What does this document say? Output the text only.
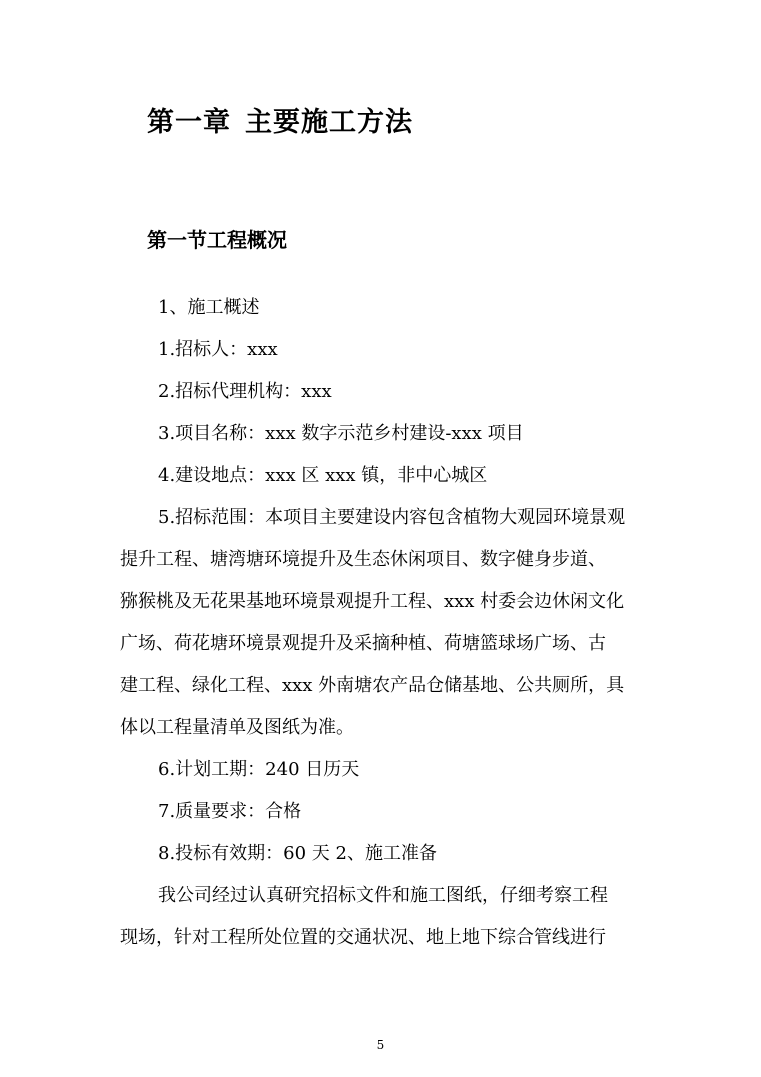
第一章 主要施工方法
第一节工程概况

1、施工概述

1.招标人：xxx

2.招标代理机构：xxx

3.项目名称：xxx 数字示范乡村建设-xxx 项目

4.建设地点：xxx 区 xxx 镇，非中心城区

5.招标范围：本项目主要建设内容包含植物大观园环境景观

提升工程、塘湾塘环境提升及生态休闲项目、数字健身步道、

猕猴桃及无花果基地环境景观提升工程、xxx 村委会边休闲文化

广场、荷花塘环境景观提升及采摘种植、荷塘篮球场广场、古

建工程、绿化工程、xxx 外南塘农产品仓储基地、公共厕所，具

体以工程量清单及图纸为准。

6.计划工期：240 日历天

7.质量要求：合格

8.投标有效期：60 天 2、施工准备

我公司经过认真研究招标文件和施工图纸，仔细考察工程

现场，针对工程所处位置的交通状况、地上地下综合管线进行

5
